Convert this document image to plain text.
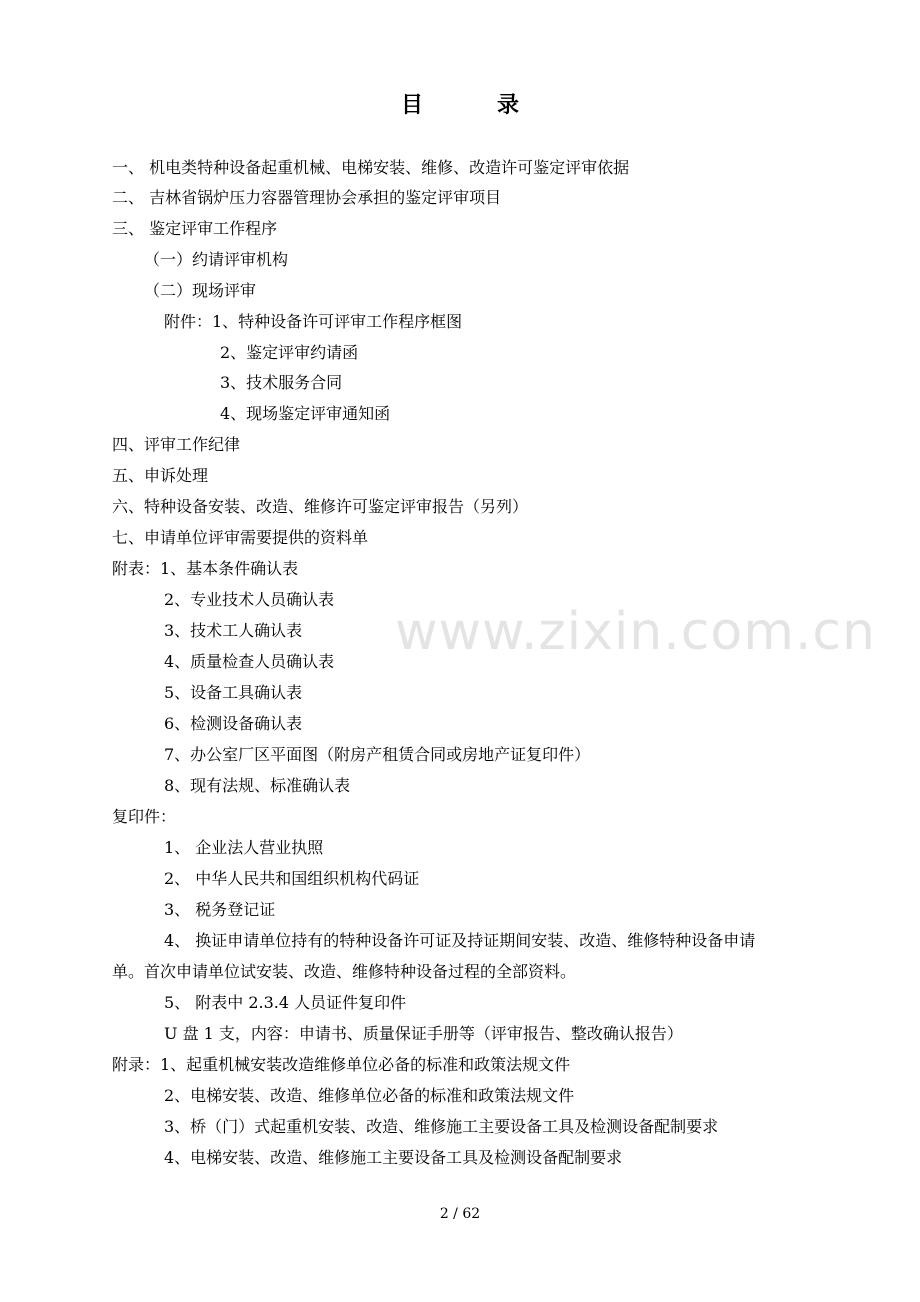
目	录
www.zixin.com.cn
一、 机电类特种设备起重机械、电梯安装、维修、改造许可鉴定评审依据
二、 吉林省锅炉压力容器管理协会承担的鉴定评审项目
三、 鉴定评审工作程序
（一）约请评审机构
（二）现场评审
附件：1、特种设备许可评审工作程序框图
2、鉴定评审约请函
3、技术服务合同
4、现场鉴定评审通知函
四、评审工作纪律
五、申诉处理
六、特种设备安装、改造、维修许可鉴定评审报告（另列）
七、申请单位评审需要提供的资料单
附表：1、基本条件确认表
2、专业技术人员确认表
3、技术工人确认表
4、质量检查人员确认表
5、设备工具确认表
6、检测设备确认表
7、办公室厂区平面图（附房产租赁合同或房地产证复印件）
8、现有法规、标准确认表
复印件：
1、 企业法人营业执照
2、 中华人民共和国组织机构代码证
3、 税务登记证
4、 换证申请单位持有的特种设备许可证及持证期间安装、改造、维修特种设备申请
单。首次申请单位试安装、改造、维修特种设备过程的全部资料。
5、 附表中 2.3.4 人员证件复印件
U 盘 1 支，内容：申请书、质量保证手册等（评审报告、整改确认报告）
附录：1、起重机械安装改造维修单位必备的标准和政策法规文件
2、电梯安装、改造、维修单位必备的标准和政策法规文件
3、桥（门）式起重机安装、改造、维修施工主要设备工具及检测设备配制要求
4、电梯安装、改造、维修施工主要设备工具及检测设备配制要求
2 / 62
